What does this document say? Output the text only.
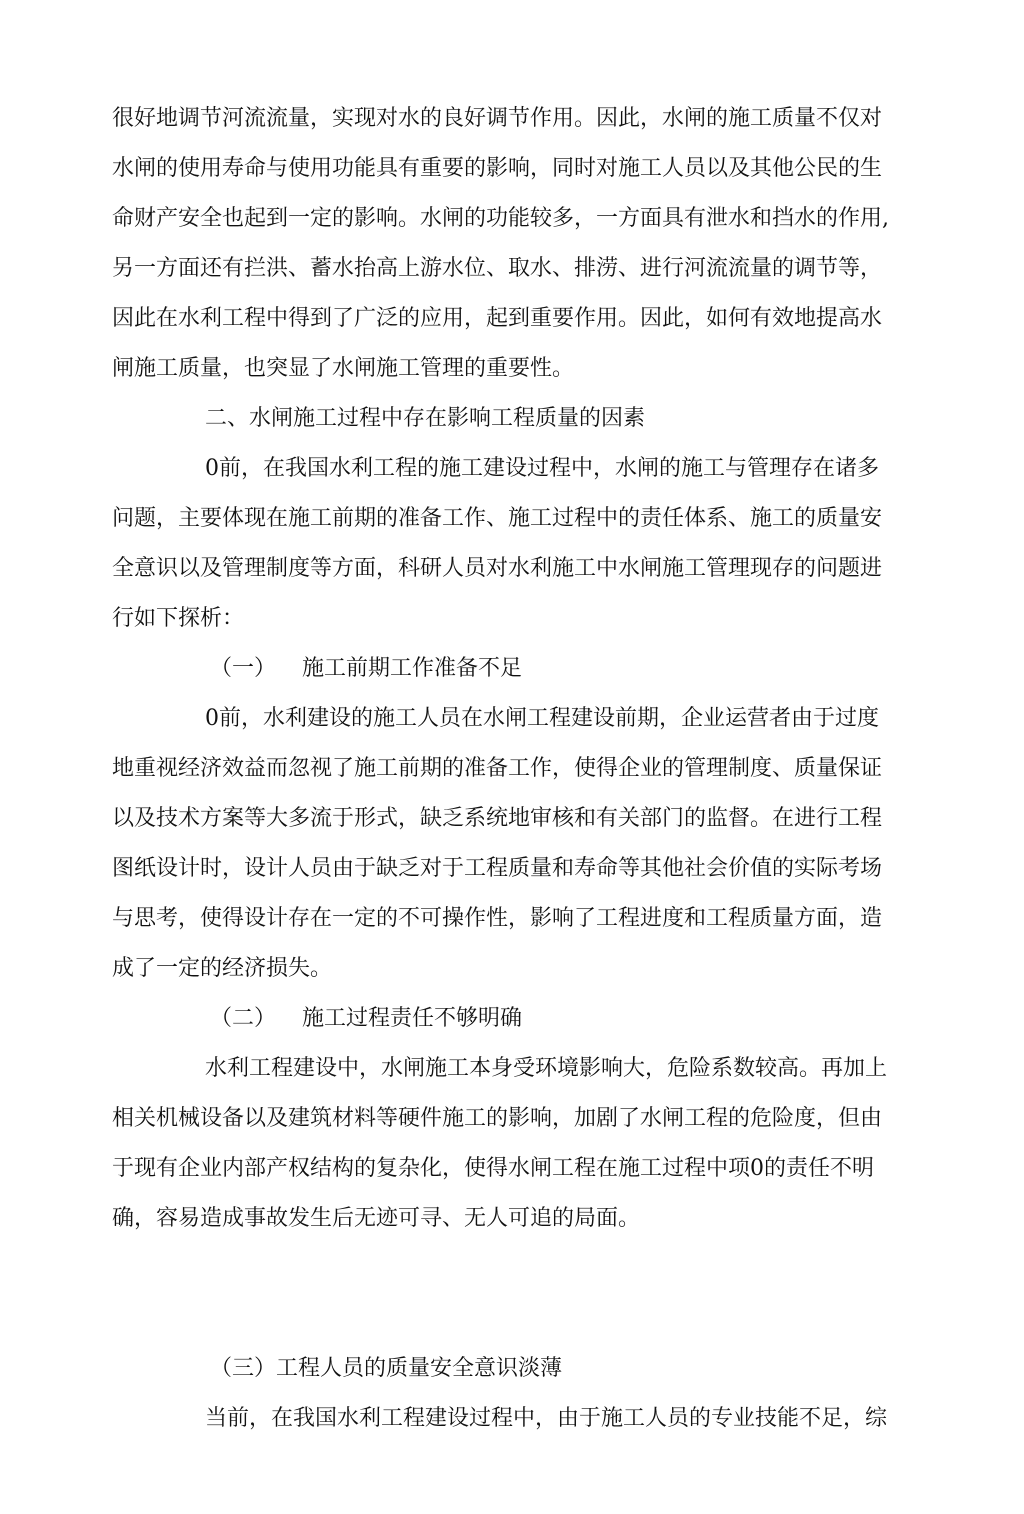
很好地调节河流流量，实现对水的良好调节作用。因此，水闸的施工质量不仅对
水闸的使用寿命与使用功能具有重要的影响，同时对施工人员以及其他公民的生
命财产安全也起到一定的影响。水闸的功能较多，一方面具有泄水和挡水的作用,
另一方面还有拦洪、蓄水抬高上游水位、取水、排涝、进行河流流量的调节等，
因此在水利工程中得到了广泛的应用，起到重要作用。因此，如何有效地提高水
闸施工质量，也突显了水闸施工管理的重要性。
二、水闸施工过程中存在影响工程质量的因素
0前，在我国水利工程的施工建设过程中，水闸的施工与管理存在诸多
问题，主要体现在施工前期的准备工作、施工过程中的责任体系、施工的质量安
全意识以及管理制度等方面，科研人员对水利施工中水闸施工管理现存的问题进
行如下探析：
（一） 施工前期工作准备不足
0前，水利建设的施工人员在水闸工程建设前期，企业运营者由于过度
地重视经济效益而忽视了施工前期的准备工作，使得企业的管理制度、质量保证
以及技术方案等大多流于形式，缺乏系统地审核和有关部门的监督。在进行工程
图纸设计时，设计人员由于缺乏对于工程质量和寿命等其他社会价值的实际考场
与思考，使得设计存在一定的不可操作性，影响了工程进度和工程质量方面，造
成了一定的经济损失。
（二） 施工过程责任不够明确
水利工程建设中，水闸施工本身受环境影响大，危险系数较高。再加上
相关机械设备以及建筑材料等硬件施工的影响，加剧了水闸工程的危险度，但由
于现有企业内部产权结构的复杂化，使得水闸工程在施工过程中项0的责任不明
确，容易造成事故发生后无迹可寻、无人可追的局面。
（三）工程人员的质量安全意识淡薄
当前，在我国水利工程建设过程中，由于施工人员的专业技能不足，综
